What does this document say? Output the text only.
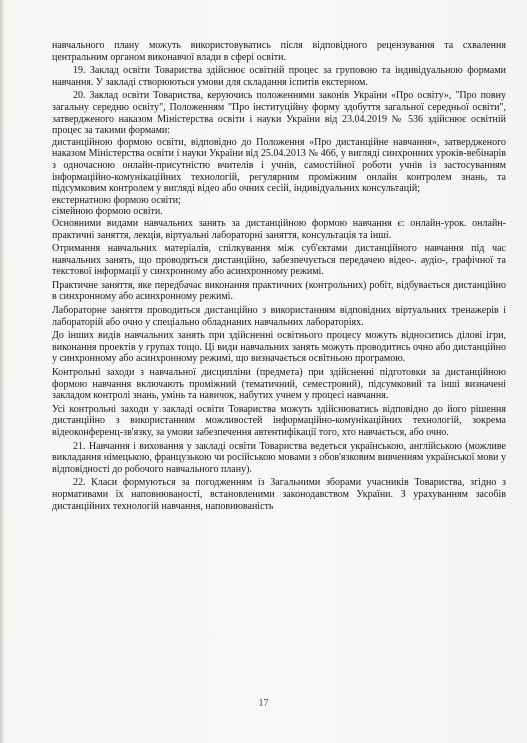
навчального плану можуть використовуватись після відповідного рецензування та схвалення центральним органом виконавчої влади в сфері освіти.

19. Заклад освіти Товариства здійснює освітній процес за груповою та індивідуальною формами навчання. У закладі створюються умови для складання іспитів екстерном.

20. Заклад освіти Товариства, керуючись положеннями законів України «Про освіту», "Про повну загальну середню освіту", Положенням "Про інституційну форму здобуття загальної середньої освіти", затвердженого наказом Міністерства освіти і науки України від 23.04.2019 № 536 здійснює освітній процес за такими формами:

дистанційною формою освіти, відповідно до Положення «Про дистанційне навчання», затвердженого наказом Міністерства освіти і науки України від 25.04.2013 № 466, у вигляді синхронних уроків-вебінарів з одночасною онлайн-присутністю вчителів і учнів, самостійної роботи учнів із застосуванням інформаційно-комунікаційних технологій, регулярним проміжним онлайн контролем знань, та підсумковим контролем у вигляді відео або очних сесій, індивідуальних консультацій;

екстернатною формою освіти;

сімейною формою освіти.

Основними видами навчальних занять за дистанційною формою навчання є: онлайн-урок. онлайн-практичні заняття, лекція, віртуальні лабораторні заняття, консультація та інші.

Отримання навчальних матеріалів, спілкування між суб'єктами дистанційного навчання під час навчальних занять, що проводяться дистанційно, забезпечується передачею відео-. аудіо-, графічної та текстової інформації у синхронному або асинхронному режимі.

Практичне заняття, яке передбачає виконання практичних (контрольних) робіт, відбувається дистанційно в синхронному або асинхронному режимі.

Лабораторне заняття проводиться дистанційно з використанням відповідних віртуальних тренажерів і лабораторій або очно у спеціально обладнаних навчальних лабораторіях.

До інших видів навчальних занять при здійсненні освітнього процесу можуть відноситись ділові ігри, виконання проектів у групах тощо. Ці види навчальних занять можуть проводитись очно або дистанційно у синхронному або асинхронному режимі, що визначається освітньою програмою.

Контрольні заходи з навчальної дисципліни (предмета) при здійсненні підготовки за дистанційною формою навчання включають проміжний (тематичний, семестровий), підсумковий та інші визначені закладом контролі знань, умінь та навичок, набутих учнем у процесі навчання.

Усі контрольні заходи у закладі освіти Товариства можуть здійснюватись відповідно до його рішення дистанційно з використанням можливостей інформаційно-комунікаційних технологій, зокрема відеоконференц-зв'язку, за умови забезпечення автентифікації того, хто навчається, або очно.

21. Навчання і виховання у закладі освіти Товариства ведеться українською, англійською (можливе викладання німецькою, французькою чи російською мовами з обов'язковим вивченням української мови у відповідності до робочого навчального плану).

22. Класи формуються за погодженням із Загальними зборами учасників Товариства, згідно з нормативами їх наповнюваності, встановленими законодавством України. З урахуванням засобів дистанційних технологій навчання, наповнюваність

17
